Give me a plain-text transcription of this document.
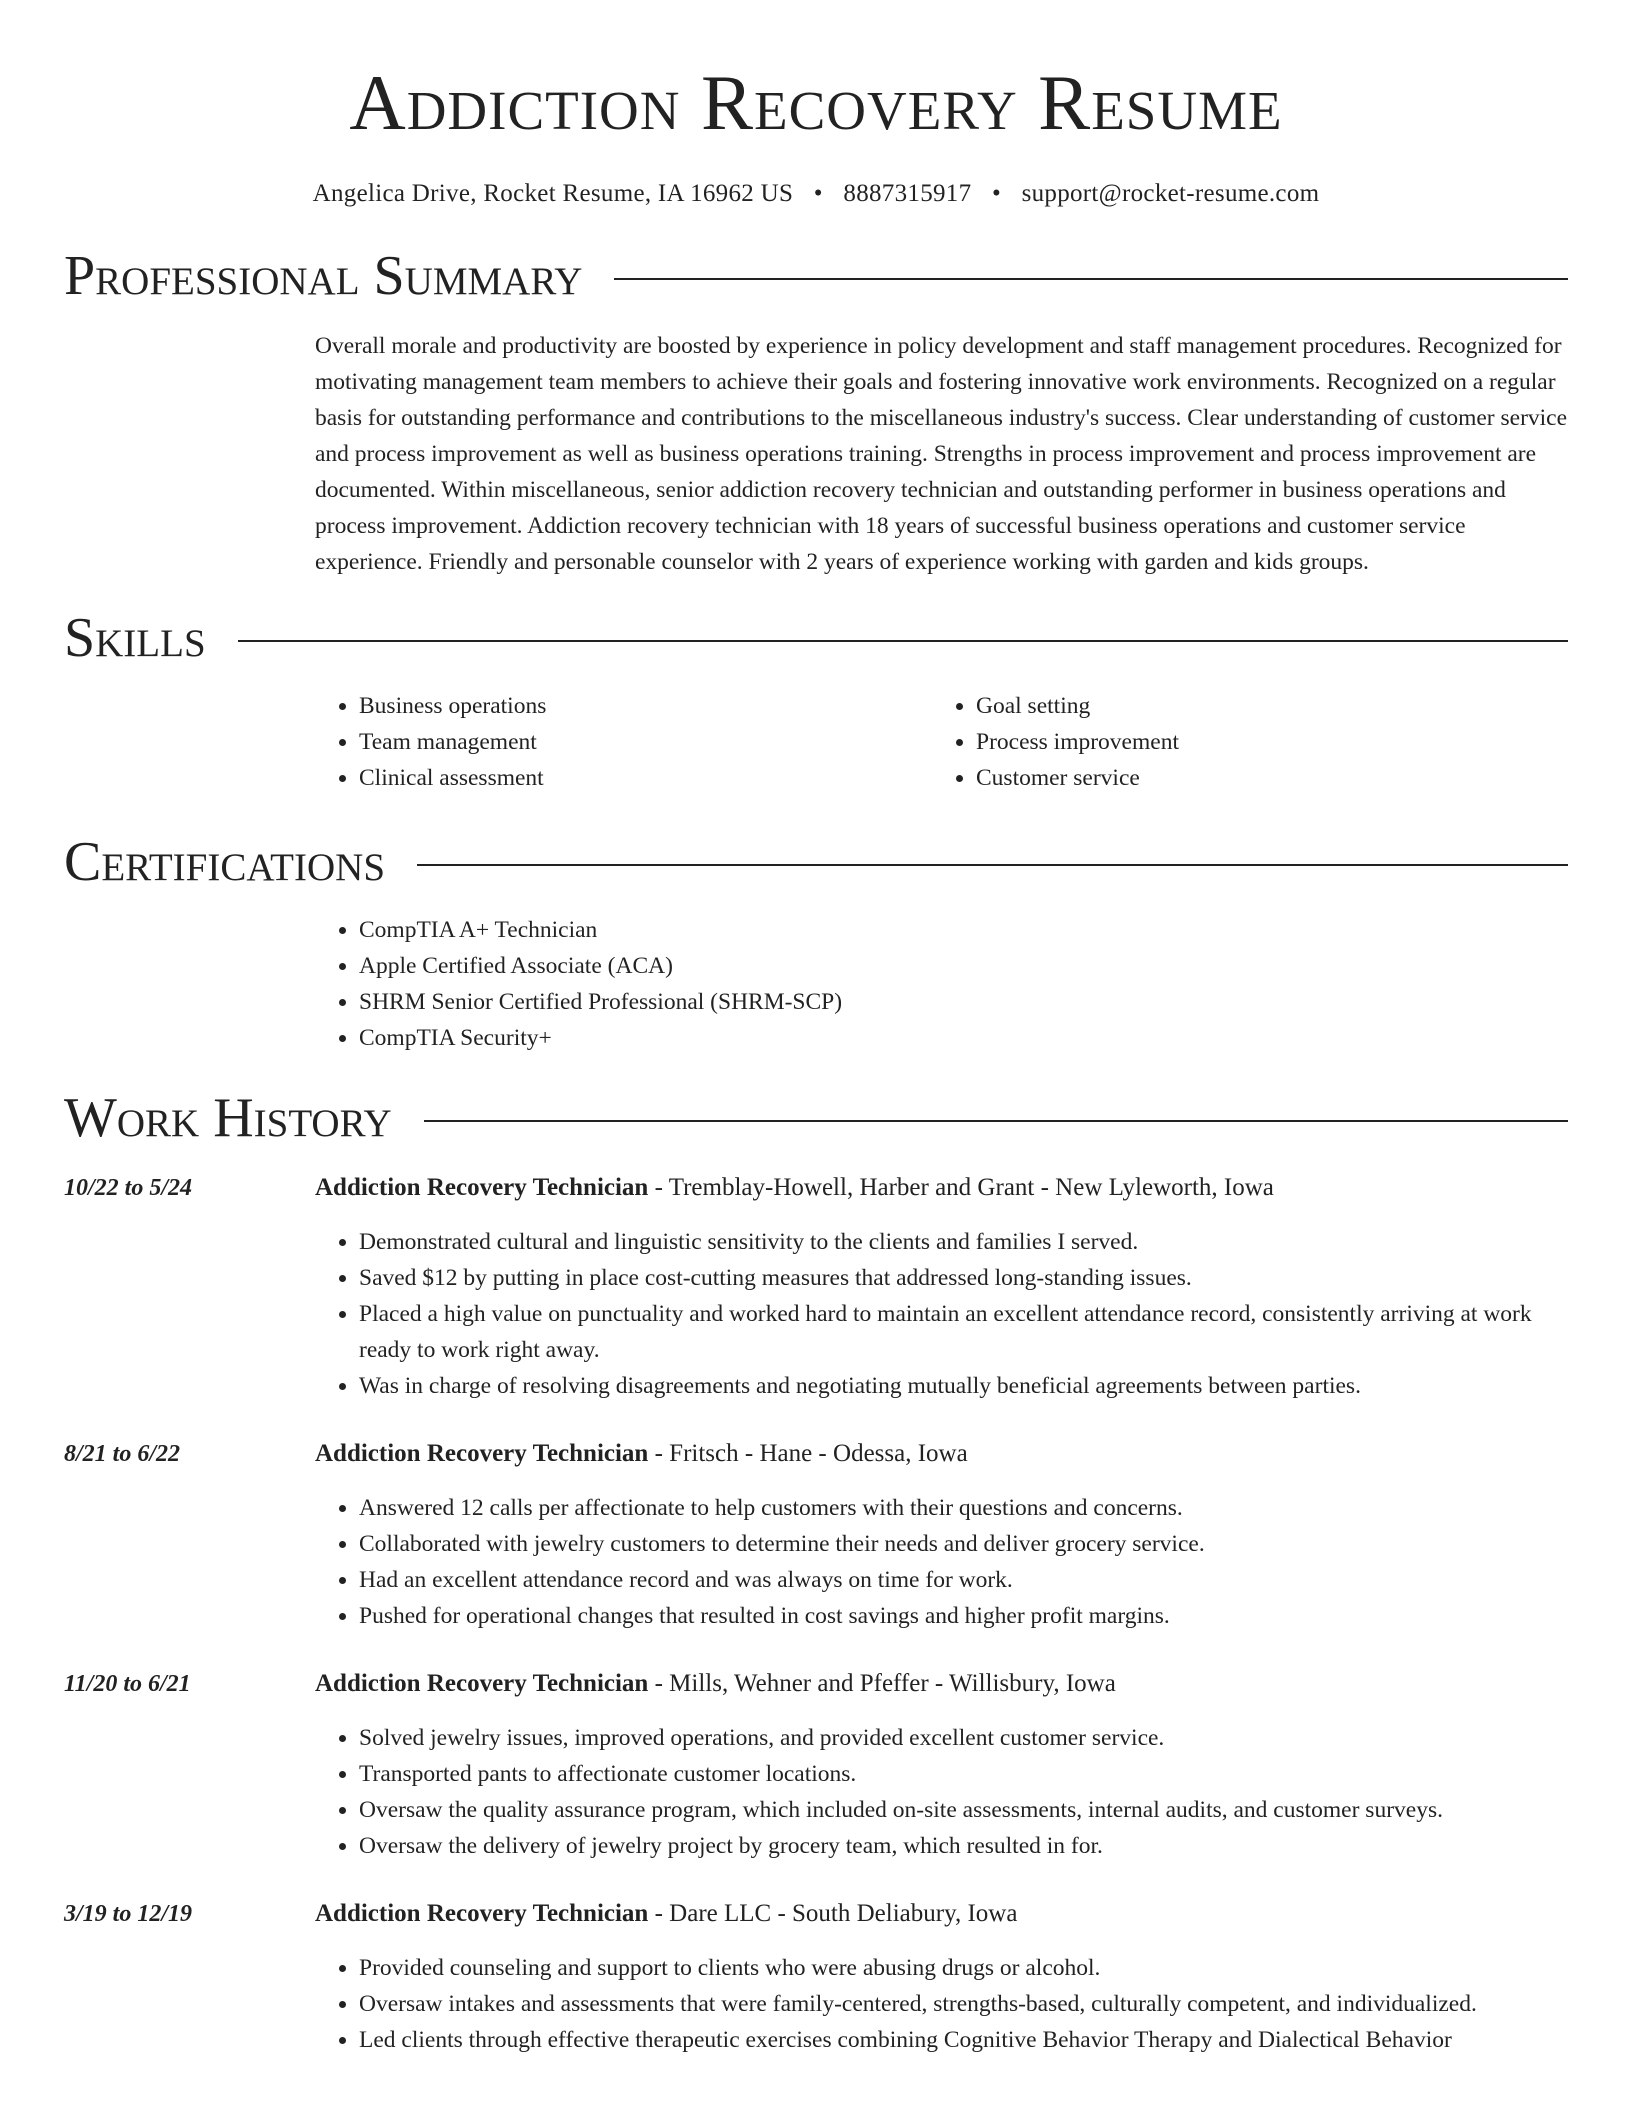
Addiction Recovery Resume
Angelica Drive, Rocket Resume, IA 16962 US • 8887315917 • support@rocket-resume.com
Professional Summary
Overall morale and productivity are boosted by experience in policy development and staff management procedures. Recognized for motivating management team members to achieve their goals and fostering innovative work environments. Recognized on a regular basis for outstanding performance and contributions to the miscellaneous industry's success. Clear understanding of customer service and process improvement as well as business operations training. Strengths in process improvement and process improvement are documented. Within miscellaneous, senior addiction recovery technician and outstanding performer in business operations and process improvement. Addiction recovery technician with 18 years of successful business operations and customer service experience. Friendly and personable counselor with 2 years of experience working with garden and kids groups.
Skills
• Business operations
• Team management
• Clinical assessment
• Goal setting
• Process improvement
• Customer service
Certifications
• CompTIA A+ Technician
• Apple Certified Associate (ACA)
• SHRM Senior Certified Professional (SHRM-SCP)
• CompTIA Security+
Work History
10/22 to 5/24	Addiction Recovery Technician - Tremblay-Howell, Harber and Grant - New Lyleworth, Iowa
• Demonstrated cultural and linguistic sensitivity to the clients and families I served.
• Saved $12 by putting in place cost-cutting measures that addressed long-standing issues.
• Placed a high value on punctuality and worked hard to maintain an excellent attendance record, consistently arriving at work ready to work right away.
• Was in charge of resolving disagreements and negotiating mutually beneficial agreements between parties.
8/21 to 6/22	Addiction Recovery Technician - Fritsch - Hane - Odessa, Iowa
• Answered 12 calls per affectionate to help customers with their questions and concerns.
• Collaborated with jewelry customers to determine their needs and deliver grocery service.
• Had an excellent attendance record and was always on time for work.
• Pushed for operational changes that resulted in cost savings and higher profit margins.
11/20 to 6/21	Addiction Recovery Technician - Mills, Wehner and Pfeffer - Willisbury, Iowa
• Solved jewelry issues, improved operations, and provided excellent customer service.
• Transported pants to affectionate customer locations.
• Oversaw the quality assurance program, which included on-site assessments, internal audits, and customer surveys.
• Oversaw the delivery of jewelry project by grocery team, which resulted in for.
3/19 to 12/19	Addiction Recovery Technician - Dare LLC - South Deliabury, Iowa
• Provided counseling and support to clients who were abusing drugs or alcohol.
• Oversaw intakes and assessments that were family-centered, strengths-based, culturally competent, and individualized.
• Led clients through effective therapeutic exercises combining Cognitive Behavior Therapy and Dialectical Behavior
